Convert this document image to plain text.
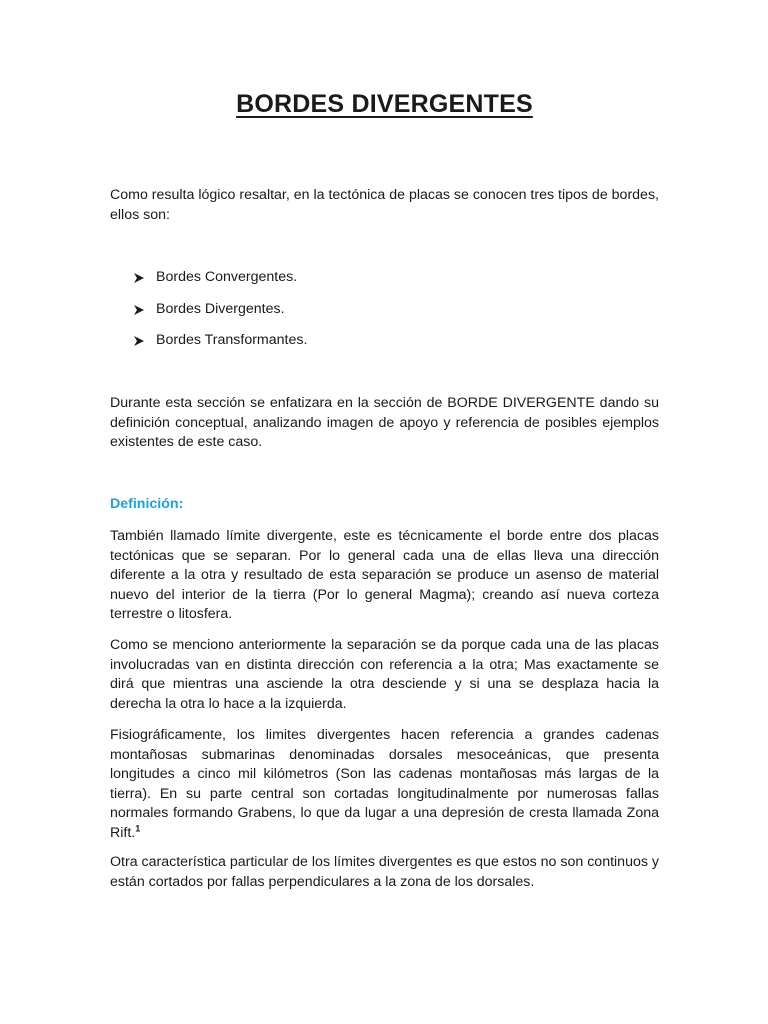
BORDES DIVERGENTES

Como resulta lógico resaltar, en la tectónica de placas se conocen tres tipos de bordes, ellos son:

Bordes Convergentes.
Bordes Divergentes.
Bordes Transformantes.

Durante esta sección se enfatizara en la sección de BORDE DIVERGENTE dando su definición conceptual, analizando imagen de apoyo y referencia de posibles ejemplos existentes de este caso.

Definición:

También llamado límite divergente, este es técnicamente el borde entre dos placas tectónicas que se separan. Por lo general cada una de ellas lleva una dirección diferente a la otra y resultado de esta separación se produce un asenso de material nuevo del interior de la tierra (Por lo general Magma); creando así nueva corteza terrestre o litosfera.

Como se menciono anteriormente la separación se da porque cada una de las placas involucradas van en distinta dirección con referencia a la otra; Mas exactamente se dirá que mientras una asciende la otra desciende y si una se desplaza hacia la derecha la otra lo hace a la izquierda.

Fisiográficamente, los limites divergentes hacen referencia a grandes cadenas montañosas submarinas denominadas dorsales mesoceánicas, que presenta longitudes a cinco mil kilómetros (Son las cadenas montañosas más largas de la tierra). En su parte central son cortadas longitudinalmente por numerosas fallas normales formando Grabens, lo que da lugar a una depresión de cresta llamada Zona Rift.$^1$

Otra característica particular de los límites divergentes es que estos no son continuos y están cortados por fallas perpendiculares a la zona de los dorsales.
